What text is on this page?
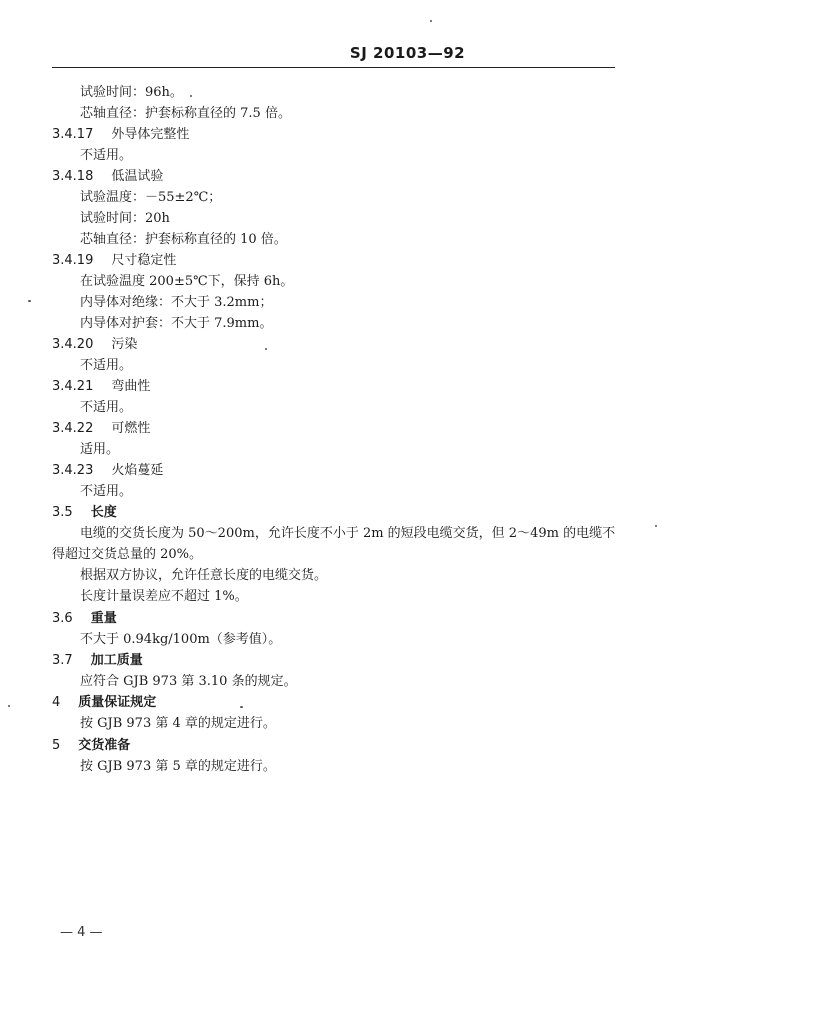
SJ 20103—92
试验时间：96h。
芯轴直径：护套标称直径的 7.5 倍。
3.4.17 外导体完整性
不适用。
3.4.18 低温试验
试验温度：－55±2℃；
试验时间：20h
芯轴直径：护套标称直径的 10 倍。
3.4.19 尺寸稳定性
在试验温度 200±5℃下，保持 6h。
内导体对绝缘：不大于 3.2mm；
内导体对护套：不大于 7.9mm。
3.4.20 污染
不适用。
3.4.21 弯曲性
不适用。
3.4.22 可燃性
适用。
3.4.23 火焰蔓延
不适用。
3.5 长度
电缆的交货长度为 50～200m，允许长度不小于 2m 的短段电缆交货，但 2～49m 的电缆不
得超过交货总量的 20%。
根据双方协议，允许任意长度的电缆交货。
长度计量误差应不超过 1%。
3.6 重量
不大于 0.94kg/100m（参考值）。
3.7 加工质量
应符合 GJB 973 第 3.10 条的规定。
4 质量保证规定
按 GJB 973 第 4 章的规定进行。
5 交货准备
按 GJB 973 第 5 章的规定进行。
— 4 —
